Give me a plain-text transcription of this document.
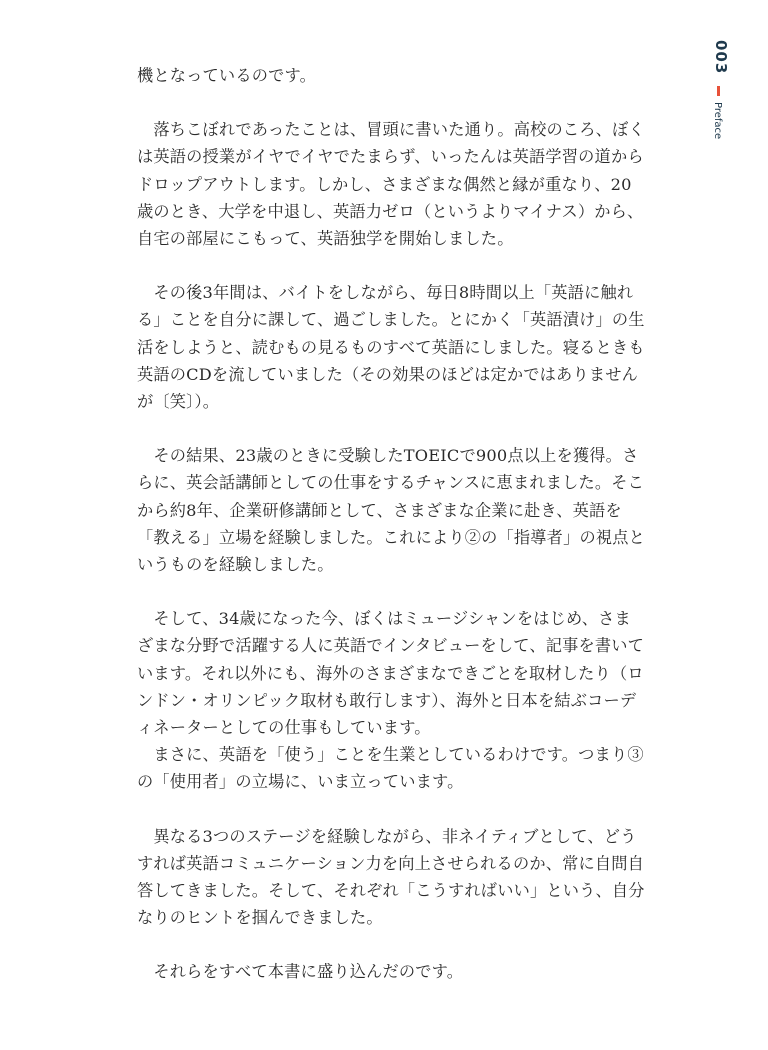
機となっているのです。

　落ちこぼれであったことは、冒頭に書いた通り。高校のころ、ぼくは英語の授業がイヤでイヤでたまらず、いったんは英語学習の道からドロップアウトします。しかし、さまざまな偶然と縁が重なり、20歳のとき、大学を中退し、英語力ゼロ（というよりマイナス）から、自宅の部屋にこもって、英語独学を開始しました。

　その後3年間は、バイトをしながら、毎日8時間以上「英語に触れる」ことを自分に課して、過ごしました。とにかく「英語漬け」の生活をしようと、読むもの見るものすべて英語にしました。寝るときも英語のCDを流していました（その効果のほどは定かではありませんが〔笑〕）。

　その結果、23歳のときに受験したTOEICで900点以上を獲得。さらに、英会話講師としての仕事をするチャンスに恵まれました。そこから約8年、企業研修講師として、さまざまな企業に赴き、英語を「教える」立場を経験しました。これにより②の「指導者」の視点というものを経験しました。

　そして、34歳になった今、ぼくはミュージシャンをはじめ、さまざまな分野で活躍する人に英語でインタビューをして、記事を書いています。それ以外にも、海外のさまざまなできごとを取材したり（ロンドン・オリンピック取材も敢行します）、海外と日本を結ぶコーディネーターとしての仕事もしています。
　まさに、英語を「使う」ことを生業としているわけです。つまり③の「使用者」の立場に、いま立っています。

　異なる3つのステージを経験しながら、非ネイティブとして、どうすれば英語コミュニケーション力を向上させられるのか、常に自問自答してきました。そして、それぞれ「こうすればいい」という、自分なりのヒントを掴んできました。

　それらをすべて本書に盛り込んだのです。

003
Preface
